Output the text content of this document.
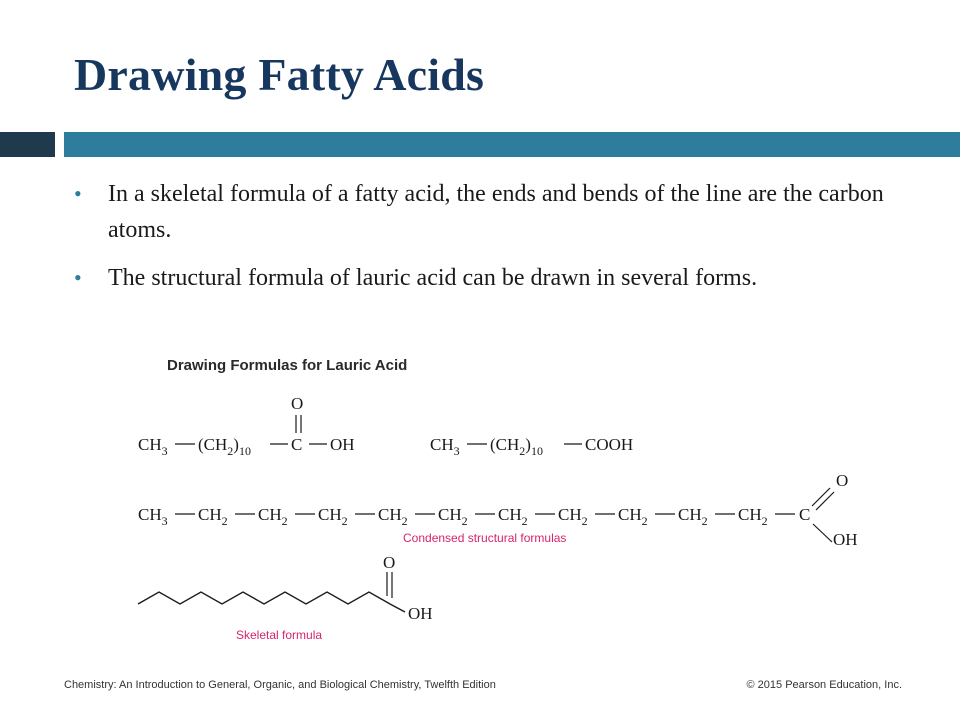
Drawing Fatty Acids
• In a skeletal formula of a fatty acid, the ends and bends of the line are the carbon atoms.
• The structural formula of lauric acid can be drawn in several forms.
Drawing Formulas for Lauric Acid
$CH_3$ $(CH_2)_{10}$ C
O
OH	$CH_3$ $(CH_2)_{10}$ COOH
$CH_3$ $CH_2$ $CH_2$ $CH_2$ $CH_2$ $CH_2$ $CH_2$ $CH_2$ $CH_2$ $CH_2$ $CH_2$ C
O
OH
Condensed structural formulas
O
OH
Skeletal formula
Chemistry: An Introduction to General, Organic, and Biological Chemistry, Twelfth Edition	© 2015 Pearson Education, Inc.
